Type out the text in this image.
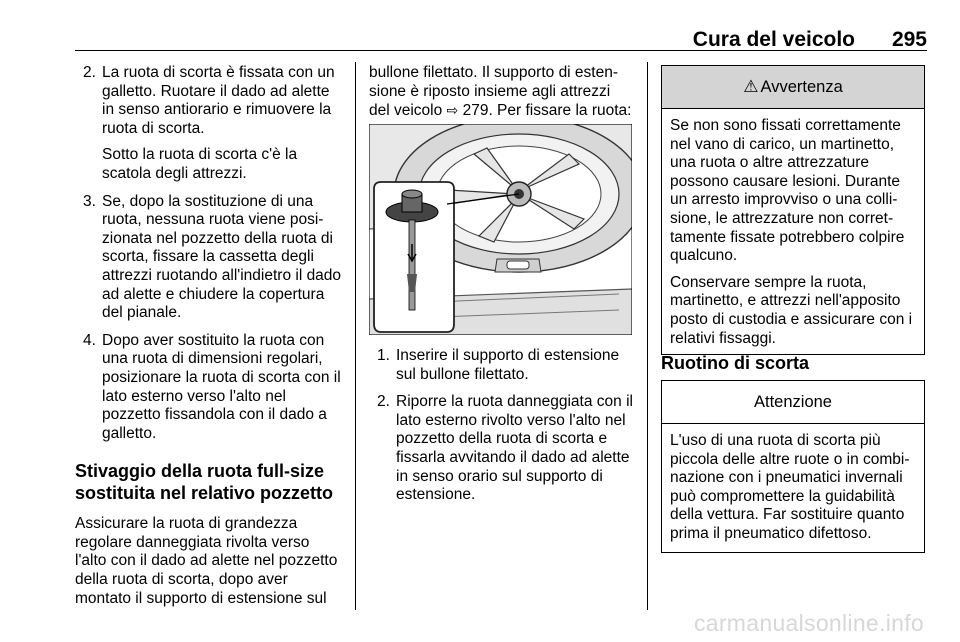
Cura del veicolo 295
2. La ruota di scorta è fissata con un galletto. Ruotare il dado ad alette in senso antiorario e rimuovere la ruota di scorta.

Sotto la ruota di scorta c'è la scatola degli attrezzi.

3. Se, dopo la sostituzione di una ruota, nessuna ruota viene posizionata nel pozzetto della ruota di scorta, fissare la cassetta degli attrezzi ruotando all'indietro il dado ad alette e chiudere la copertura del pianale.

4. Dopo aver sostituito la ruota con una ruota di dimensioni regolari, posizionare la ruota di scorta con il lato esterno verso l'alto nel pozzetto fissandola con il dado a galletto.

Stivaggio della ruota full-size sostituita nel relativo pozzetto

Assicurare la ruota di grandezza regolare danneggiata rivolta verso l'alto con il dado ad alette nel pozzetto della ruota di scorta, dopo aver montato il supporto di estensione sul

bullone filettato. Il supporto di estensione è riposto insieme agli attrezzi del veicolo ⇨ 279. Per fissare la ruota:

1. Inserire il supporto di estensione sul bullone filettato.

2. Riporre la ruota danneggiata con il lato esterno rivolto verso l'alto nel pozzetto della ruota di scorta e fissarla avvitando il dado ad alette in senso orario sul supporto di estensione.

⚠ Avvertenza

Se non sono fissati correttamente nel vano di carico, un martinetto, una ruota o altre attrezzature possono causare lesioni. Durante un arresto improvviso o una collisione, le attrezzature non correttamente fissate potrebbero colpire qualcuno.

Conservare sempre la ruota, martinetto, e attrezzi nell'apposito posto di custodia e assicurare con i relativi fissaggi.

Ruotino di scorta
Attenzione

L'uso di una ruota di scorta più piccola delle altre ruote o in combinazione con i pneumatici invernali può compromettere la guidabilità della vettura. Far sostituire quanto prima il pneumatico difettoso.

carmanualsonline.info
